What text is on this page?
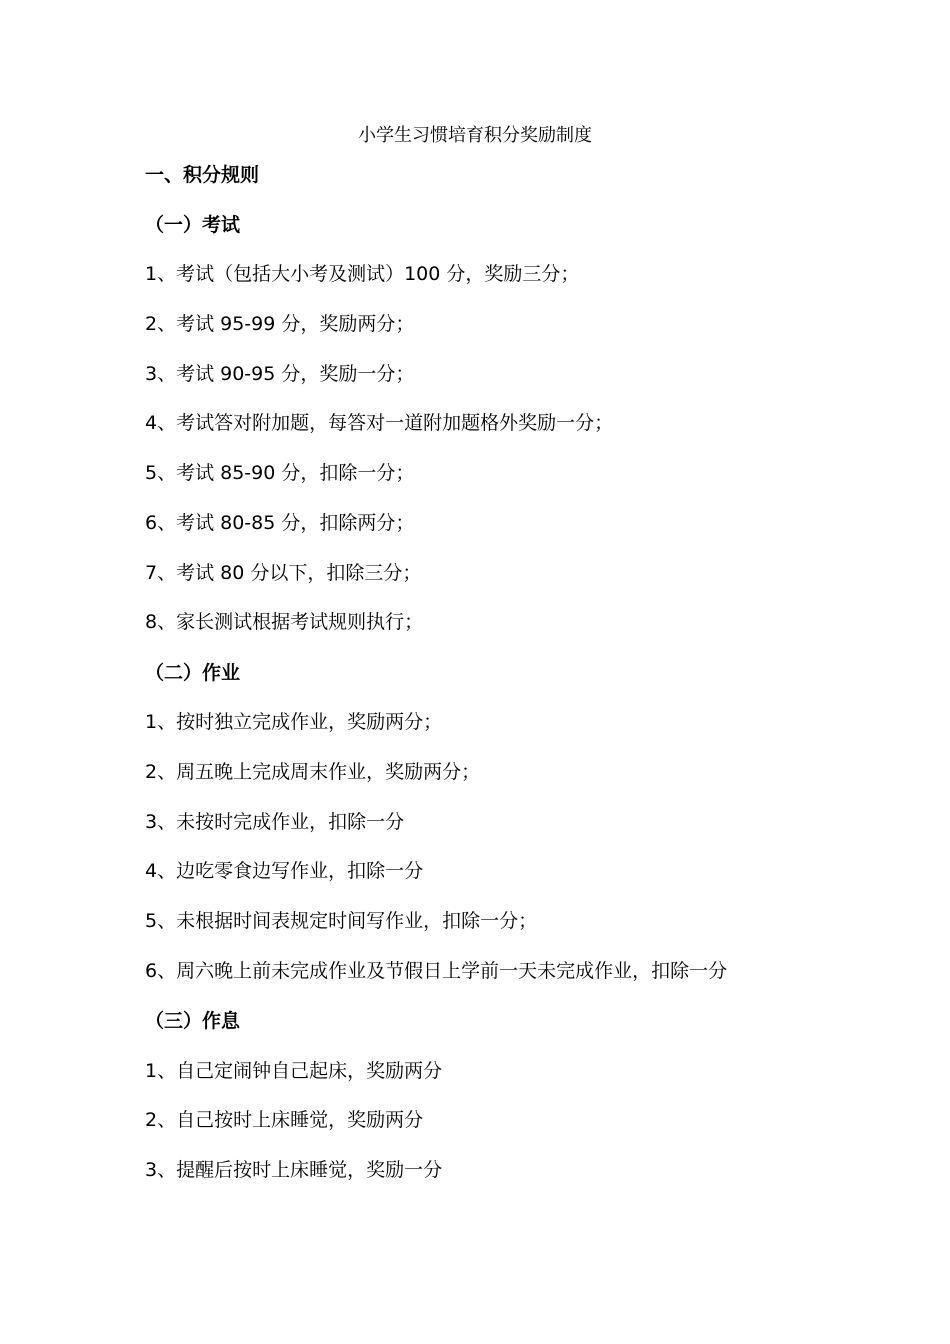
小学生习惯培育积分奖励制度
一、积分规则
（一）考试
1、考试（包括大小考及测试）100 分，奖励三分；
2、考试 95-99 分，奖励两分；
3、考试 90-95 分，奖励一分；
4、考试答对附加题，每答对一道附加题格外奖励一分；
5、考试 85-90 分，扣除一分；
6、考试 80-85 分，扣除两分；
7、考试 80 分以下，扣除三分；
8、家长测试根据考试规则执行；
（二）作业
1、按时独立完成作业，奖励两分；
2、周五晚上完成周末作业，奖励两分；
3、未按时完成作业，扣除一分
4、边吃零食边写作业，扣除一分
5、未根据时间表规定时间写作业，扣除一分；
6、周六晚上前未完成作业及节假日上学前一天未完成作业，扣除一分
（三）作息
1、自己定闹钟自己起床，奖励两分
2、自己按时上床睡觉，奖励两分
3、提醒后按时上床睡觉，奖励一分
